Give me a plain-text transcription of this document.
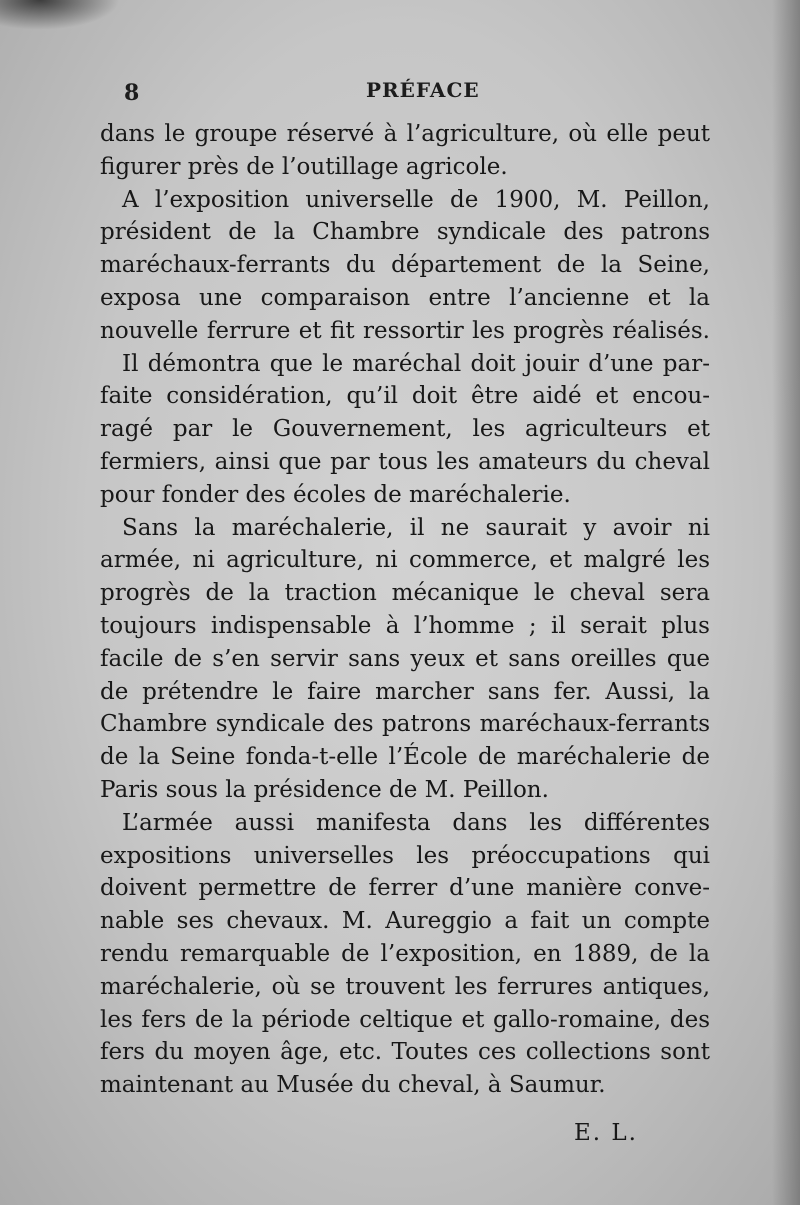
8	PRÉFACE
dans le groupe réservé à l’agriculture, où elle peut
figurer près de l’outillage agricole.
A l’exposition universelle de 1900, M. Peillon,
président de la Chambre syndicale des patrons
maréchaux-ferrants du département de la Seine,
exposa une comparaison entre l’ancienne et la
nouvelle ferrure et fit ressortir les progrès réalisés.
Il démontra que le maréchal doit jouir d’une par-
faite considération, qu’il doit être aidé et encou-
ragé par le Gouvernement, les agriculteurs et
fermiers, ainsi que par tous les amateurs du cheval
pour fonder des écoles de maréchalerie.
Sans la maréchalerie, il ne saurait y avoir ni
armée, ni agriculture, ni commerce, et malgré les
progrès de la traction mécanique le cheval sera
toujours indispensable à l’homme ; il serait plus
facile de s’en servir sans yeux et sans oreilles que
de prétendre le faire marcher sans fer. Aussi, la
Chambre syndicale des patrons maréchaux-ferrants
de la Seine fonda-t-elle l’École de maréchalerie de
Paris sous la présidence de M. Peillon.
L’armée aussi manifesta dans les différentes
expositions universelles les préoccupations qui
doivent permettre de ferrer d’une manière conve-
nable ses chevaux. M. Aureggio a fait un compte
rendu remarquable de l’exposition, en 1889, de la
maréchalerie, où se trouvent les ferrures antiques,
les fers de la période celtique et gallo-romaine, des
fers du moyen âge, etc. Toutes ces collections sont
maintenant au Musée du cheval, à Saumur.
E. L.
